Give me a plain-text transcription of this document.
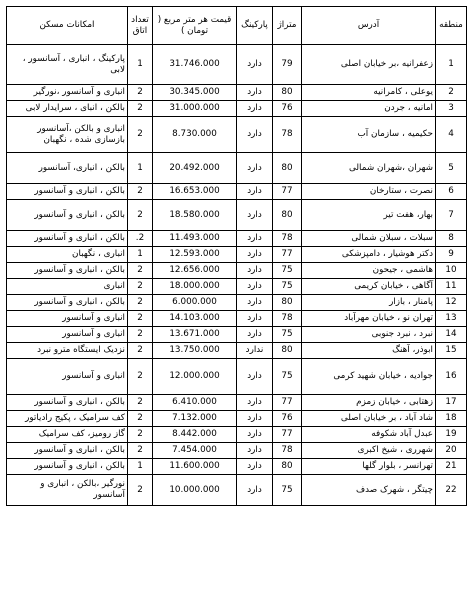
منطقه	آدرس	متراژ	پارکینگ	قیمت هر متر مربع ( تومان )	تعداد اتاق	امکانات مسکن
1	زعفرانیه ،بر خیابان اصلی	79	دارد	31.746.000	1	پارکینگ ، انباری ، آسانسور ، لابی
2	یوعلی ، کامرانیه	80	دارد	30.345.000	2	انباری و آسانسور ،نورگیر
3	امانیه ، جردن	76	دارد	31.000.000	2	بالکن ، انبای ، سرایدار لابی
4	حکیمیه ، سازمان آب	78	دارد	8.730.000	2	انباری و بالکن ،آسانسور بازسازی شده ، نگهبان
5	شهران ،شهران شمالی	80	دارد	20.492.000	1	بالکن ، انباری، آسانسور
6	نصرت ، ستارخان	77	دارد	16.653.000	2	بالکن ، انباری و آسانسور
7	بهار، هفت تیر	80	دارد	18.580.000	2	بالکن ، انباری و آسانسور
8	سبلات ، سبلان شمالی	78	دارد	11.493.000	2.	بالکن ، انباری و آسانسور
9	دکتر هوشیار ، دامپزشکی	77	دارد	12.593.000	1	انباری ، نگهبان
10	هاشمی ، جیحون	75	دارد	12.656.000	2	بالکن ، انباری و آسانسور
11	آگاهی ، خیابان کریمی	75	دارد	18.000.000	2	انباری
12	پامنار ، بازار	80	دارد	6.000.000	2	بالکن ، انباری و آسانسور
13	تهران نو ، خیابان مهرآباد	78	دارد	14.103.000	2	انباری و آسانسور
14	نبرد ، نبرد جنوبی	75	دارد	13.671.000	2	انباری و آسانسور
15	ابوذر، آهنگ	80	ندارد	13.750.000	2	نزدیک ایستگاه مترو نبرد
16	جوادیه ، خیابان شهید کرمی	75	دارد	12.000.000	2	انباری و آسانسور
17	زهتابی ، خیابان زمزم	77	دارد	6.410.000	2	بالکن ، انباری و آسانسور
18	شاد آباد ، بر خیابان اصلی	76	دارد	7.132.000	2	کف سرامیک ، پکیج رادیاتور
19	عبدل آباد شکوفه	77	دارد	8.442.000	2	گاز رومیز، کف سرامیک
20	شهرری ، شیخ اکبری	78	دارد	7.454.000	2	بالکن ، انباری و آسانسور
21	تهرانسر ، بلوار گلها	80	دارد	11.600.000	1	بالکن ، انباری و آسانسور
22	چیتگر ، شهرک صدف	75	دارد	10.000.000	2	نورگیر ،بالکن ، انباری و آسانسور
